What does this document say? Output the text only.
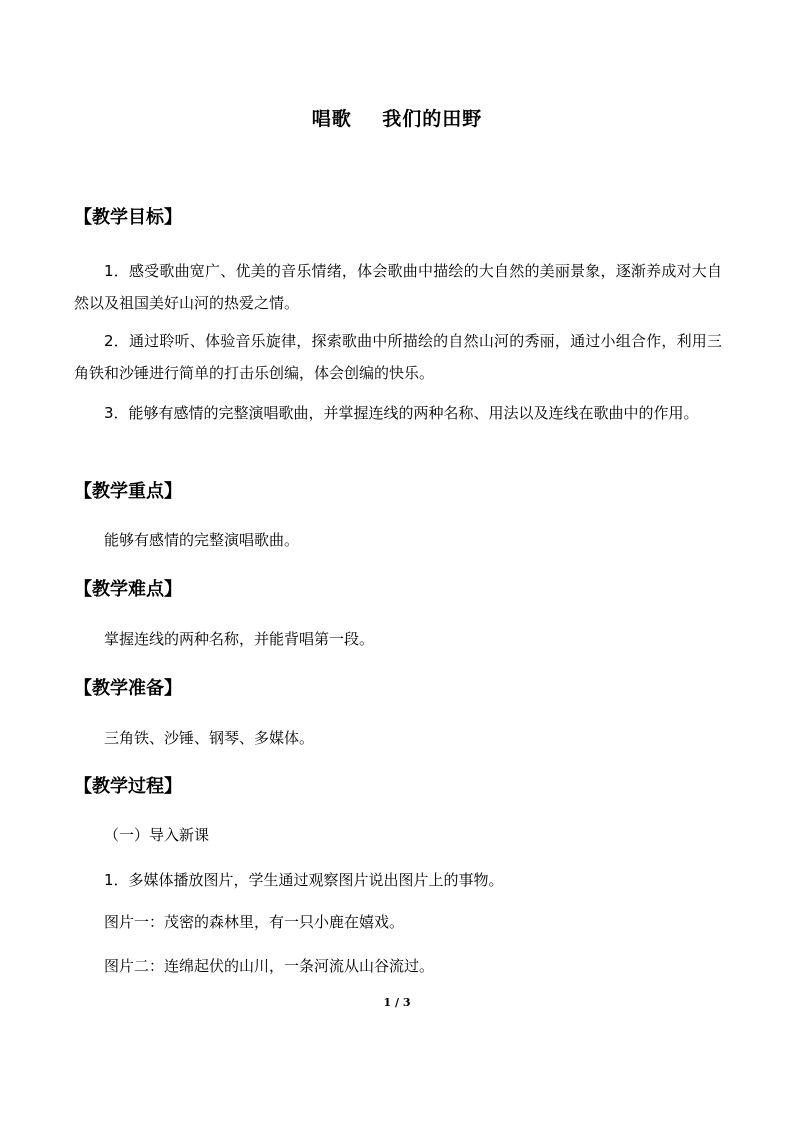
唱歌    我们的田野
【教学目标】
1．感受歌曲宽广、优美的音乐情绪，体会歌曲中描绘的大自然的美丽景象，逐渐养成对大自然以及祖国美好山河的热爱之情。
2．通过聆听、体验音乐旋律，探索歌曲中所描绘的自然山河的秀丽，通过小组合作，利用三角铁和沙锤进行简单的打击乐创编，体会创编的快乐。
3．能够有感情的完整演唱歌曲，并掌握连线的两种名称、用法以及连线在歌曲中的作用。
【教学重点】
能够有感情的完整演唱歌曲。
【教学难点】
掌握连线的两种名称，并能背唱第一段。
【教学准备】
三角铁、沙锤、钢琴、多媒体。
【教学过程】
（一）导入新课
1．多媒体播放图片，学生通过观察图片说出图片上的事物。
图片一：茂密的森林里，有一只小鹿在嬉戏。
图片二：连绵起伏的山川，一条河流从山谷流过。
1 / 3
